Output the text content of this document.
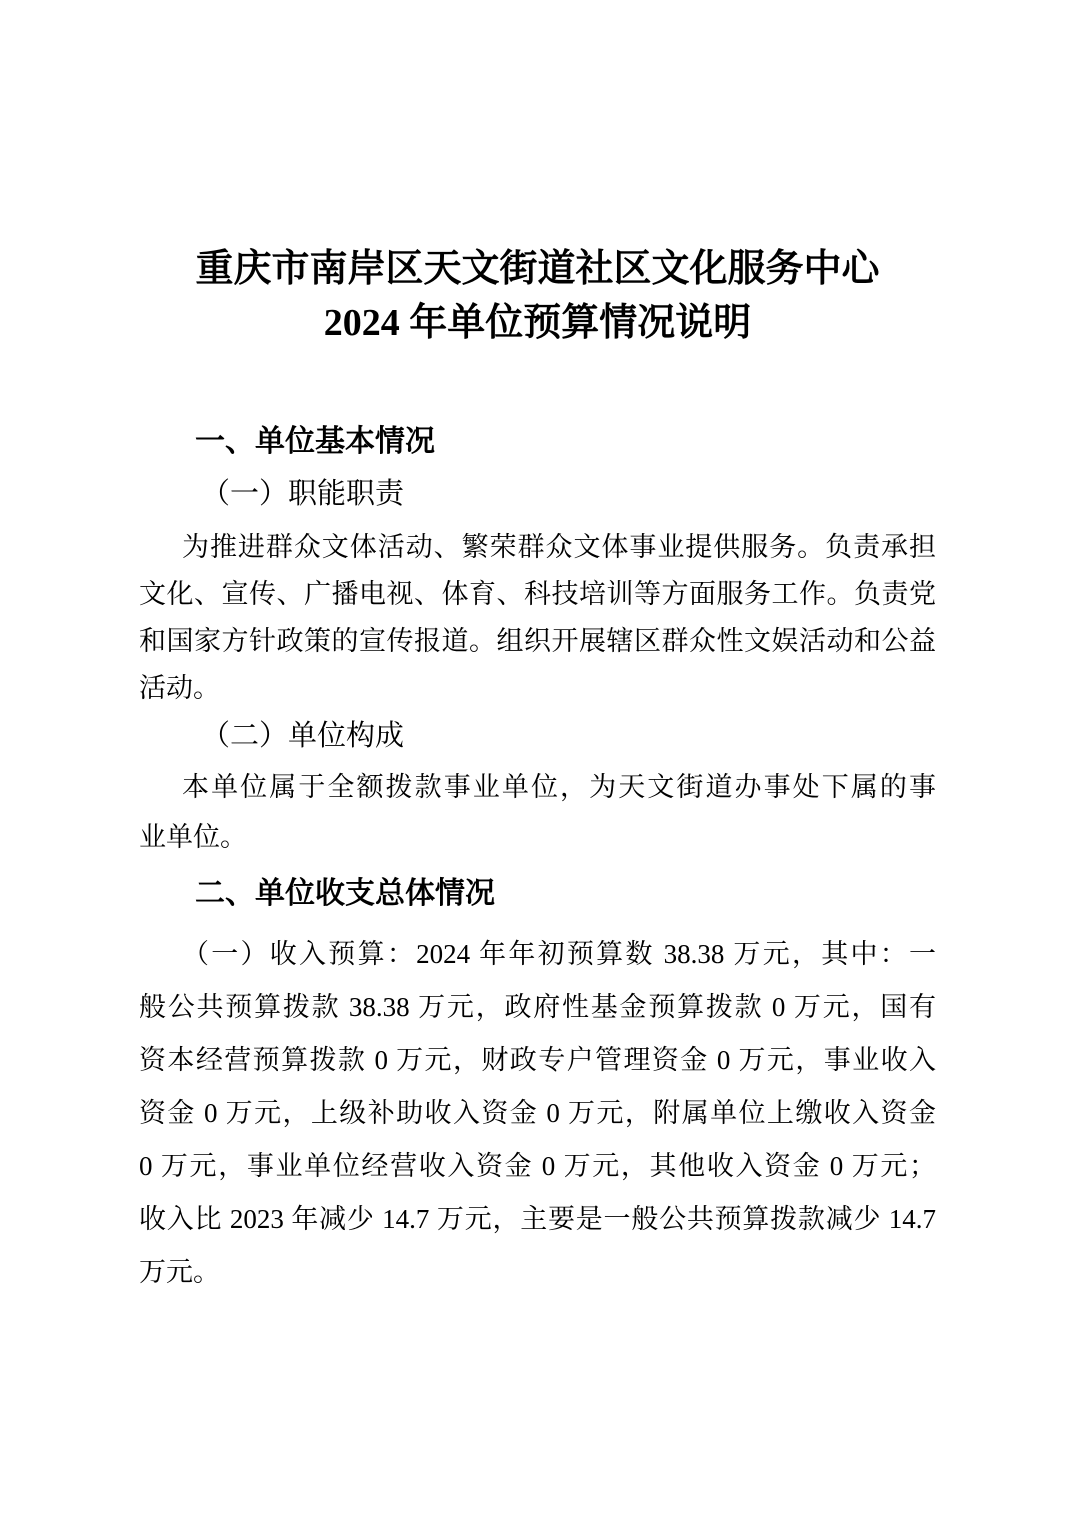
重庆市南岸区天文街道社区文化服务中心
2024 年单位预算情况说明
一、单位基本情况
（一）职能职责
为推进群众文体活动、繁荣群众文体事业提供服务。负责承担
文化、宣传、广播电视、体育、科技培训等方面服务工作。负责党
和国家方针政策的宣传报道。组织开展辖区群众性文娱活动和公益
活动。
（二）单位构成
本单位属于全额拨款事业单位，为天文街道办事处下属的事
业单位。
二、单位收支总体情况
（一）收入预算：2024 年年初预算数 38.38 万元，其中：一
般公共预算拨款 38.38 万元，政府性基金预算拨款 0 万元，国有
资本经营预算拨款 0 万元，财政专户管理资金 0 万元，事业收入
资金 0 万元，上级补助收入资金 0 万元，附属单位上缴收入资金
0 万元，事业单位经营收入资金 0 万元，其他收入资金 0 万元；
收入比 2023 年减少 14.7 万元，主要是一般公共预算拨款减少 14.7
万元。
